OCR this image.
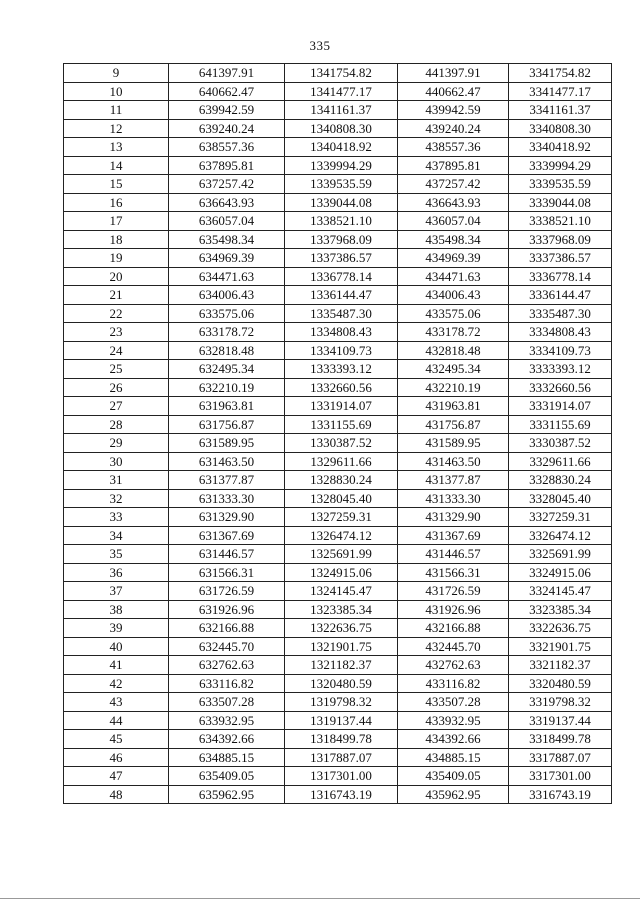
335
9	641397.91	1341754.82	441397.91	3341754.82
10	640662.47	1341477.17	440662.47	3341477.17
11	639942.59	1341161.37	439942.59	3341161.37
12	639240.24	1340808.30	439240.24	3340808.30
13	638557.36	1340418.92	438557.36	3340418.92
14	637895.81	1339994.29	437895.81	3339994.29
15	637257.42	1339535.59	437257.42	3339535.59
16	636643.93	1339044.08	436643.93	3339044.08
17	636057.04	1338521.10	436057.04	3338521.10
18	635498.34	1337968.09	435498.34	3337968.09
19	634969.39	1337386.57	434969.39	3337386.57
20	634471.63	1336778.14	434471.63	3336778.14
21	634006.43	1336144.47	434006.43	3336144.47
22	633575.06	1335487.30	433575.06	3335487.30
23	633178.72	1334808.43	433178.72	3334808.43
24	632818.48	1334109.73	432818.48	3334109.73
25	632495.34	1333393.12	432495.34	3333393.12
26	632210.19	1332660.56	432210.19	3332660.56
27	631963.81	1331914.07	431963.81	3331914.07
28	631756.87	1331155.69	431756.87	3331155.69
29	631589.95	1330387.52	431589.95	3330387.52
30	631463.50	1329611.66	431463.50	3329611.66
31	631377.87	1328830.24	431377.87	3328830.24
32	631333.30	1328045.40	431333.30	3328045.40
33	631329.90	1327259.31	431329.90	3327259.31
34	631367.69	1326474.12	431367.69	3326474.12
35	631446.57	1325691.99	431446.57	3325691.99
36	631566.31	1324915.06	431566.31	3324915.06
37	631726.59	1324145.47	431726.59	3324145.47
38	631926.96	1323385.34	431926.96	3323385.34
39	632166.88	1322636.75	432166.88	3322636.75
40	632445.70	1321901.75	432445.70	3321901.75
41	632762.63	1321182.37	432762.63	3321182.37
42	633116.82	1320480.59	433116.82	3320480.59
43	633507.28	1319798.32	433507.28	3319798.32
44	633932.95	1319137.44	433932.95	3319137.44
45	634392.66	1318499.78	434392.66	3318499.78
46	634885.15	1317887.07	434885.15	3317887.07
47	635409.05	1317301.00	435409.05	3317301.00
48	635962.95	1316743.19	435962.95	3316743.19
